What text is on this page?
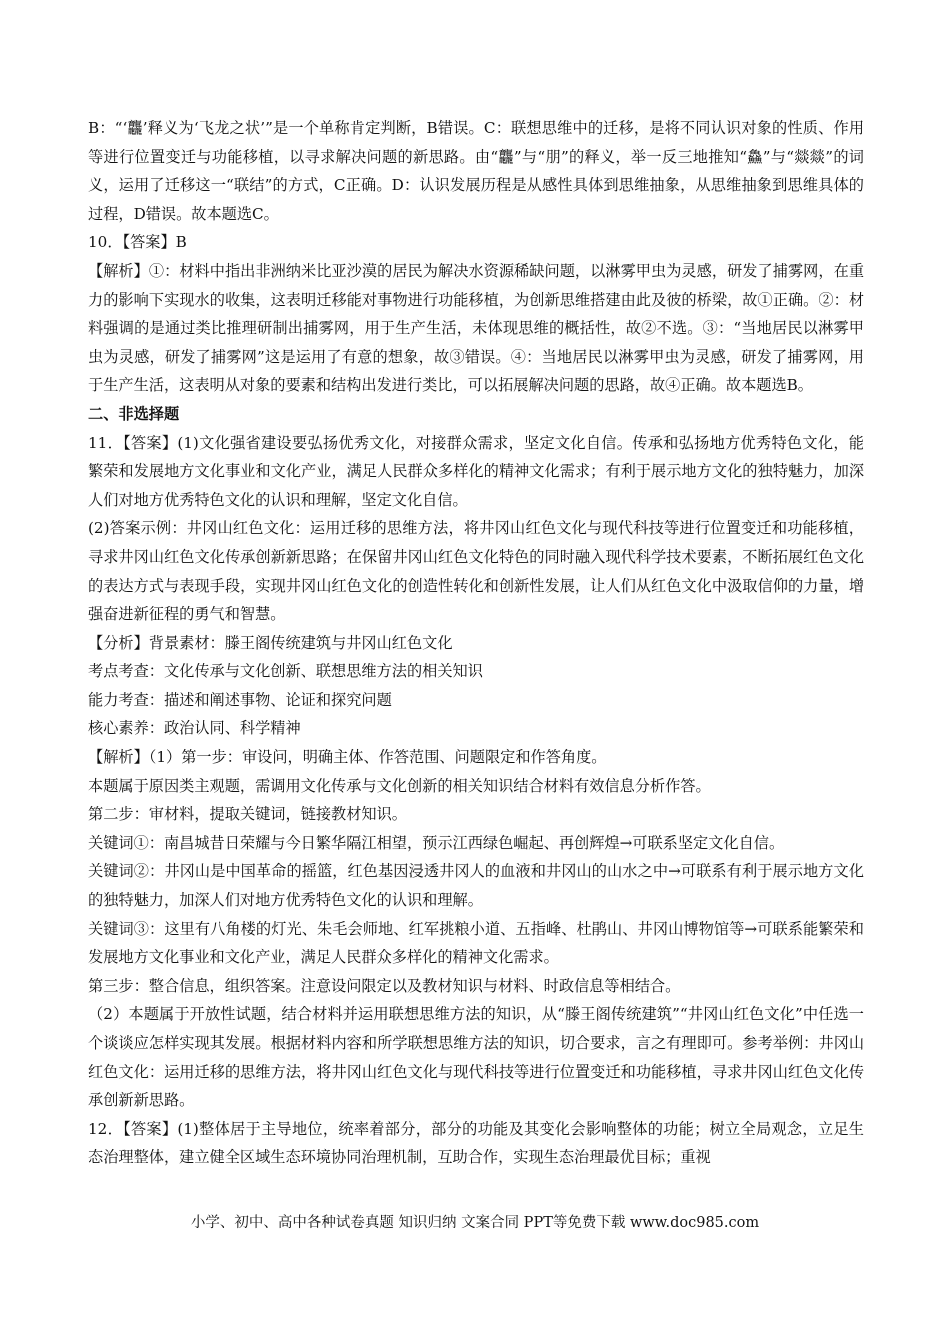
B：“‘龘’释义为‘飞龙之状’”是一个单称肯定判断，B错误。C：联想思维中的迁移，是将不同认识对象的性质、作用等进行位置变迁与功能移植，以寻求解决问题的新思路。由“龘”与“朋”的释义，举一反三地推知“鱻”与“燚燚”的词义，运用了迁移这一“联结”的方式，C正确。D：认识发展历程是从感性具体到思维抽象，从思维抽象到思维具体的过程，D错误。故本题选C。

10．【答案】B

【解析】①：材料中指出非洲纳米比亚沙漠的居民为解决水资源稀缺问题，以淋雾甲虫为灵感，研发了捕雾网，在重力的影响下实现水的收集，这表明迁移能对事物进行功能移植，为创新思维搭建由此及彼的桥梁，故①正确。②：材料强调的是通过类比推理研制出捕雾网，用于生产生活，未体现思维的概括性，故②不选。③：“当地居民以淋雾甲虫为灵感，研发了捕雾网”这是运用了有意的想象，故③错误。④：当地居民以淋雾甲虫为灵感，研发了捕雾网，用于生产生活，这表明从对象的要素和结构出发进行类比，可以拓展解决问题的思路，故④正确。故本题选B。

二、非选择题

11．【答案】(1)文化强省建设要弘扬优秀文化，对接群众需求，坚定文化自信。传承和弘扬地方优秀特色文化，能繁荣和发展地方文化事业和文化产业，满足人民群众多样化的精神文化需求；有利于展示地方文化的独特魅力，加深人们对地方优秀特色文化的认识和理解，坚定文化自信。

(2)答案示例：井冈山红色文化：运用迁移的思维方法，将井冈山红色文化与现代科技等进行位置变迁和功能移植，寻求井冈山红色文化传承创新新思路；在保留井冈山红色文化特色的同时融入现代科学技术要素，不断拓展红色文化的表达方式与表现手段，实现井冈山红色文化的创造性转化和创新性发展，让人们从红色文化中汲取信仰的力量，增强奋进新征程的勇气和智慧。

【分析】背景素材：滕王阁传统建筑与井冈山红色文化

考点考查：文化传承与文化创新、联想思维方法的相关知识

能力考查：描述和阐述事物、论证和探究问题

核心素养：政治认同、科学精神

【解析】（1）第一步：审设问，明确主体、作答范围、问题限定和作答角度。

本题属于原因类主观题，需调用文化传承与文化创新的相关知识结合材料有效信息分析作答。

第二步：审材料，提取关键词，链接教材知识。

关键词①：南昌城昔日荣耀与今日繁华隔江相望，预示江西绿色崛起、再创辉煌→可联系坚定文化自信。

关键词②：井冈山是中国革命的摇篮，红色基因浸透井冈人的血液和井冈山的山水之中→可联系有利于展示地方文化的独特魅力，加深人们对地方优秀特色文化的认识和理解。

关键词③：这里有八角楼的灯光、朱毛会师地、红军挑粮小道、五指峰、杜鹃山、井冈山博物馆等→可联系能繁荣和发展地方文化事业和文化产业，满足人民群众多样化的精神文化需求。

第三步：整合信息，组织答案。注意设问限定以及教材知识与材料、时政信息等相结合。

（2）本题属于开放性试题，结合材料并运用联想思维方法的知识，从“滕王阁传统建筑”“井冈山红色文化”中任选一个谈谈应怎样实现其发展。根据材料内容和所学联想思维方法的知识，切合要求，言之有理即可。参考举例：井冈山红色文化：运用迁移的思维方法，将井冈山红色文化与现代科技等进行位置变迁和功能移植，寻求井冈山红色文化传承创新新思路。

12．【答案】(1)整体居于主导地位，统率着部分，部分的功能及其变化会影响整体的功能；树立全局观念，立足生态治理整体，建立健全区域生态环境协同治理机制，互助合作，实现生态治理最优目标；重视

小学、初中、高中各种试卷真题 知识归纳 文案合同 PPT等免费下载 www.doc985.com
